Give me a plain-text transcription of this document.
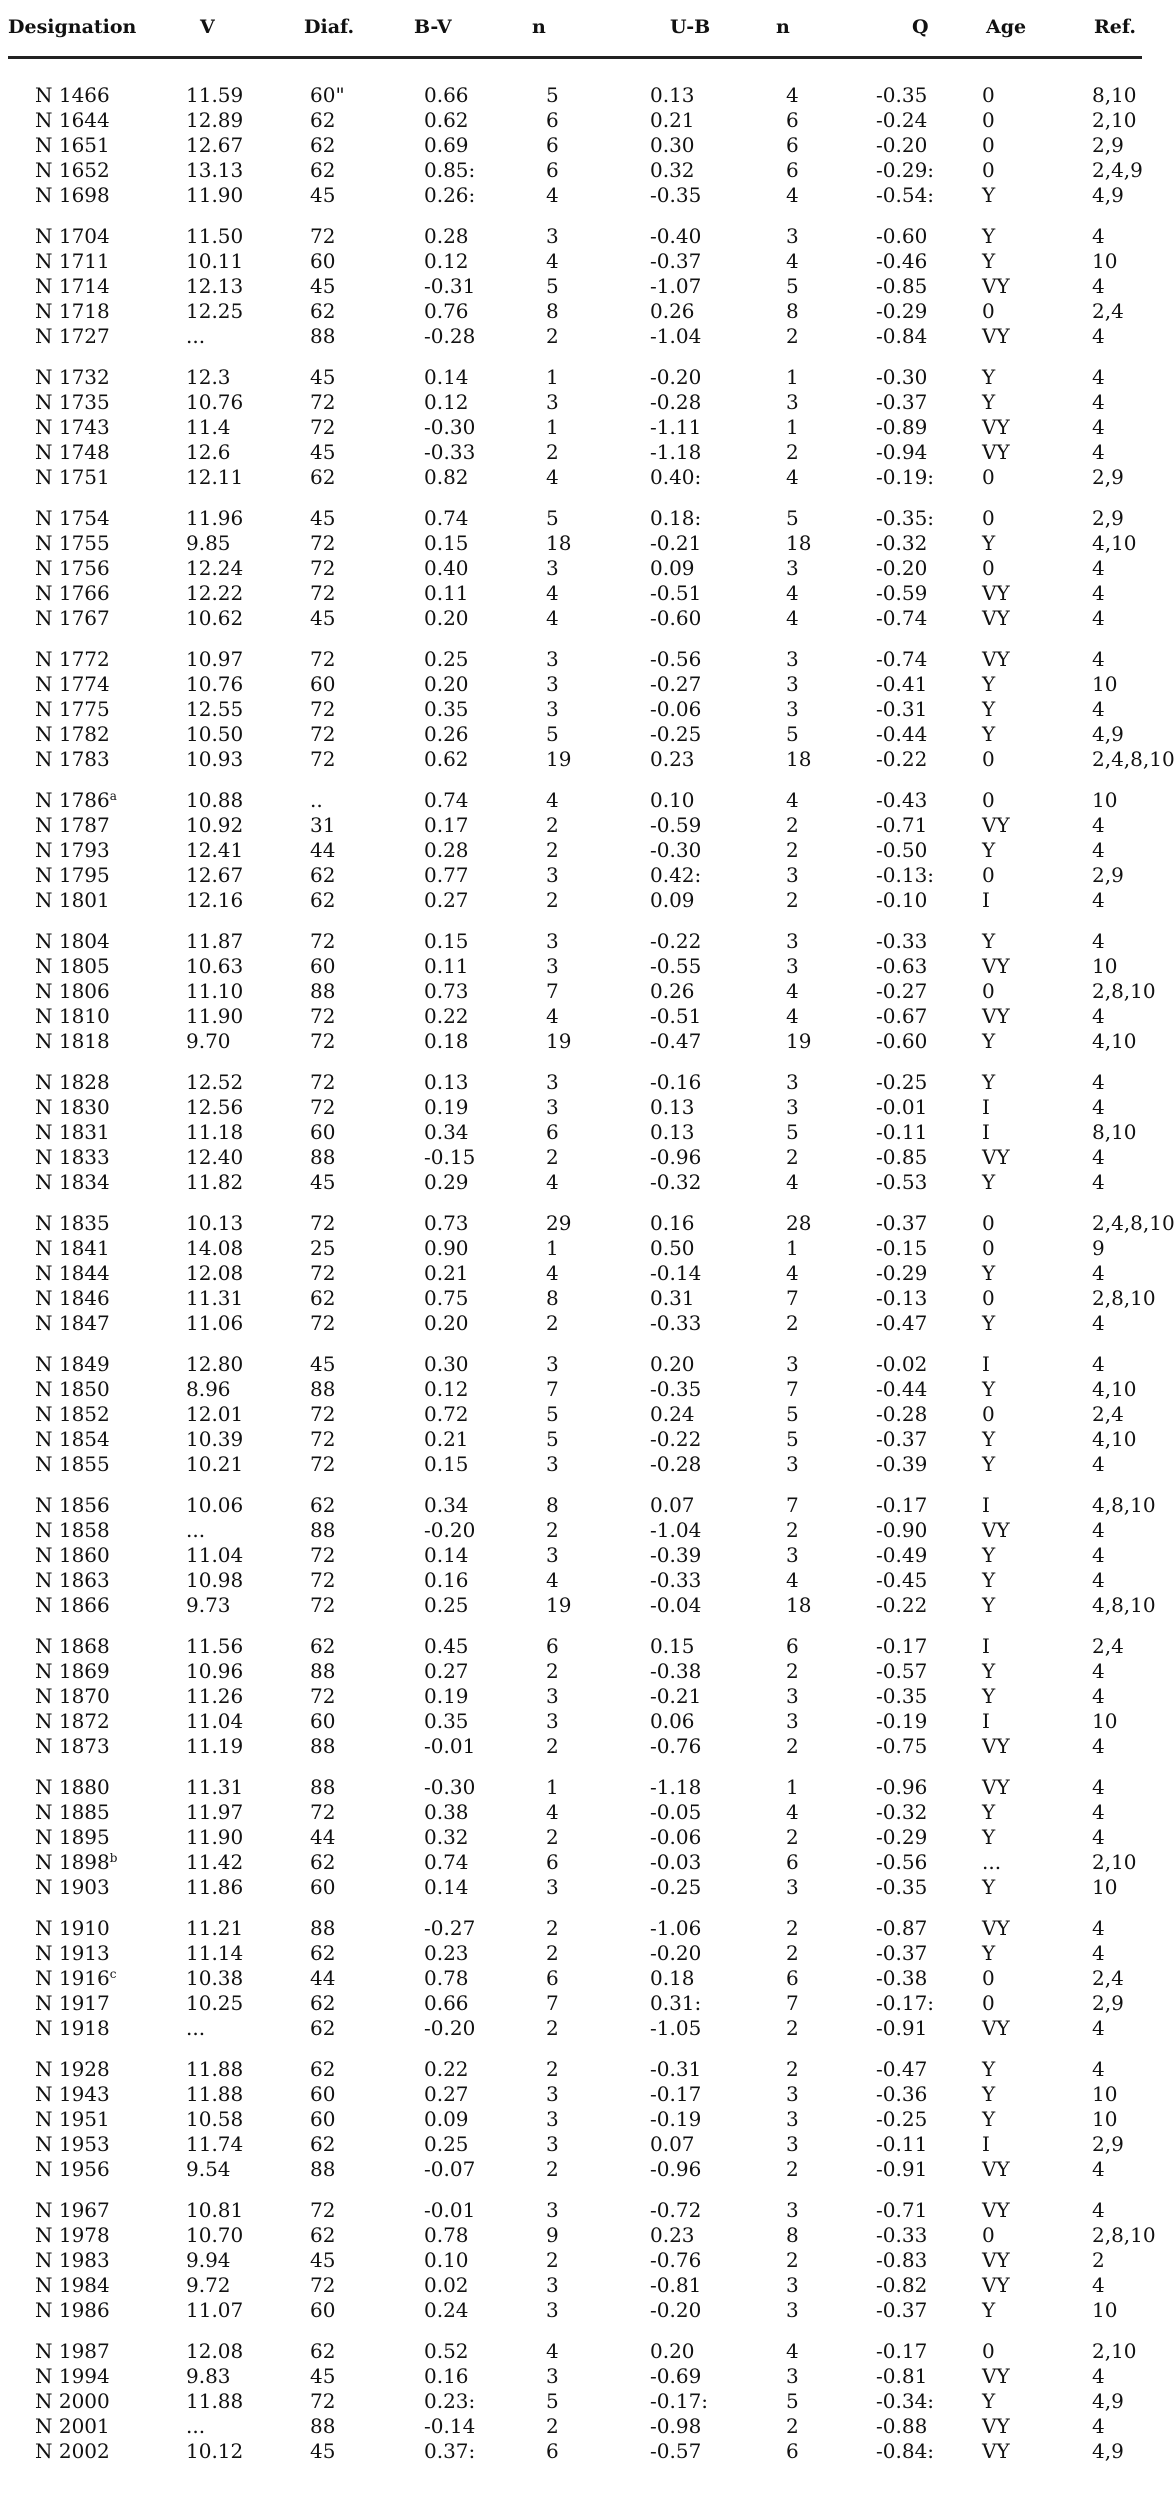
Designation	V	Diaf.	B-V	n	U-B	n	Q	Age	Ref.

N 1466	11.59	60"	0.66	5	0.13	4	-0.35	0	8,10
N 1644	12.89	62	0.62	6	0.21	6	-0.24	0	2,10
N 1651	12.67	62	0.69	6	0.30	6	-0.20	0	2,9
N 1652	13.13	62	0.85:	6	0.32	6	-0.29:	0	2,4,9
N 1698	11.90	45	0.26:	4	-0.35	4	-0.54:	Y	4,9

N 1704	11.50	72	0.28	3	-0.40	3	-0.60	Y	4
N 1711	10.11	60	0.12	4	-0.37	4	-0.46	Y	10
N 1714	12.13	45	-0.31	5	-1.07	5	-0.85	VY	4
N 1718	12.25	62	0.76	8	0.26	8	-0.29	0	2,4
N 1727	...	88	-0.28	2	-1.04	2	-0.84	VY	4

N 1732	12.3	45	0.14	1	-0.20	1	-0.30	Y	4
N 1735	10.76	72	0.12	3	-0.28	3	-0.37	Y	4
N 1743	11.4	72	-0.30	1	-1.11	1	-0.89	VY	4
N 1748	12.6	45	-0.33	2	-1.18	2	-0.94	VY	4
N 1751	12.11	62	0.82	4	0.40:	4	-0.19:	0	2,9

N 1754	11.96	45	0.74	5	0.18:	5	-0.35:	0	2,9
N 1755	9.85	72	0.15	18	-0.21	18	-0.32	Y	4,10
N 1756	12.24	72	0.40	3	0.09	3	-0.20	0	4
N 1766	12.22	72	0.11	4	-0.51	4	-0.59	VY	4
N 1767	10.62	45	0.20	4	-0.60	4	-0.74	VY	4

N 1772	10.97	72	0.25	3	-0.56	3	-0.74	VY	4
N 1774	10.76	60	0.20	3	-0.27	3	-0.41	Y	10
N 1775	12.55	72	0.35	3	-0.06	3	-0.31	Y	4
N 1782	10.50	72	0.26	5	-0.25	5	-0.44	Y	4,9
N 1783	10.93	72	0.62	19	0.23	18	-0.22	0	2,4,8,10

N 1786$^a$	10.88	..	0.74	4	0.10	4	-0.43	0	10
N 1787	10.92	31	0.17	2	-0.59	2	-0.71	VY	4
N 1793	12.41	44	0.28	2	-0.30	2	-0.50	Y	4
N 1795	12.67	62	0.77	3	0.42:	3	-0.13:	0	2,9
N 1801	12.16	62	0.27	2	0.09	2	-0.10	I	4

N 1804	11.87	72	0.15	3	-0.22	3	-0.33	Y	4
N 1805	10.63	60	0.11	3	-0.55	3	-0.63	VY	10
N 1806	11.10	88	0.73	7	0.26	4	-0.27	0	2,8,10
N 1810	11.90	72	0.22	4	-0.51	4	-0.67	VY	4
N 1818	9.70	72	0.18	19	-0.47	19	-0.60	Y	4,10

N 1828	12.52	72	0.13	3	-0.16	3	-0.25	Y	4
N 1830	12.56	72	0.19	3	0.13	3	-0.01	I	4
N 1831	11.18	60	0.34	6	0.13	5	-0.11	I	8,10
N 1833	12.40	88	-0.15	2	-0.96	2	-0.85	VY	4
N 1834	11.82	45	0.29	4	-0.32	4	-0.53	Y	4

N 1835	10.13	72	0.73	29	0.16	28	-0.37	0	2,4,8,10
N 1841	14.08	25	0.90	1	0.50	1	-0.15	0	9
N 1844	12.08	72	0.21	4	-0.14	4	-0.29	Y	4
N 1846	11.31	62	0.75	8	0.31	7	-0.13	0	2,8,10
N 1847	11.06	72	0.20	2	-0.33	2	-0.47	Y	4

N 1849	12.80	45	0.30	3	0.20	3	-0.02	I	4
N 1850	8.96	88	0.12	7	-0.35	7	-0.44	Y	4,10
N 1852	12.01	72	0.72	5	0.24	5	-0.28	0	2,4
N 1854	10.39	72	0.21	5	-0.22	5	-0.37	Y	4,10
N 1855	10.21	72	0.15	3	-0.28	3	-0.39	Y	4

N 1856	10.06	62	0.34	8	0.07	7	-0.17	I	4,8,10
N 1858	...	88	-0.20	2	-1.04	2	-0.90	VY	4
N 1860	11.04	72	0.14	3	-0.39	3	-0.49	Y	4
N 1863	10.98	72	0.16	4	-0.33	4	-0.45	Y	4
N 1866	9.73	72	0.25	19	-0.04	18	-0.22	Y	4,8,10

N 1868	11.56	62	0.45	6	0.15	6	-0.17	I	2,4
N 1869	10.96	88	0.27	2	-0.38	2	-0.57	Y	4
N 1870	11.26	72	0.19	3	-0.21	3	-0.35	Y	4
N 1872	11.04	60	0.35	3	0.06	3	-0.19	I	10
N 1873	11.19	88	-0.01	2	-0.76	2	-0.75	VY	4

N 1880	11.31	88	-0.30	1	-1.18	1	-0.96	VY	4
N 1885	11.97	72	0.38	4	-0.05	4	-0.32	Y	4
N 1895	11.90	44	0.32	2	-0.06	2	-0.29	Y	4
N 1898$^b$	11.42	62	0.74	6	-0.03	6	-0.56	...	2,10
N 1903	11.86	60	0.14	3	-0.25	3	-0.35	Y	10

N 1910	11.21	88	-0.27	2	-1.06	2	-0.87	VY	4
N 1913	11.14	62	0.23	2	-0.20	2	-0.37	Y	4
N 1916$^c$	10.38	44	0.78	6	0.18	6	-0.38	0	2,4
N 1917	10.25	62	0.66	7	0.31:	7	-0.17:	0	2,9
N 1918	...	62	-0.20	2	-1.05	2	-0.91	VY	4

N 1928	11.88	62	0.22	2	-0.31	2	-0.47	Y	4
N 1943	11.88	60	0.27	3	-0.17	3	-0.36	Y	10
N 1951	10.58	60	0.09	3	-0.19	3	-0.25	Y	10
N 1953	11.74	62	0.25	3	0.07	3	-0.11	I	2,9
N 1956	9.54	88	-0.07	2	-0.96	2	-0.91	VY	4

N 1967	10.81	72	-0.01	3	-0.72	3	-0.71	VY	4
N 1978	10.70	62	0.78	9	0.23	8	-0.33	0	2,8,10
N 1983	9.94	45	0.10	2	-0.76	2	-0.83	VY	2
N 1984	9.72	72	0.02	3	-0.81	3	-0.82	VY	4
N 1986	11.07	60	0.24	3	-0.20	3	-0.37	Y	10

N 1987	12.08	62	0.52	4	0.20	4	-0.17	0	2,10
N 1994	9.83	45	0.16	3	-0.69	3	-0.81	VY	4
N 2000	11.88	72	0.23:	5	-0.17:	5	-0.34:	Y	4,9
N 2001	...	88	-0.14	2	-0.98	2	-0.88	VY	4
N 2002	10.12	45	0.37:	6	-0.57	6	-0.84:	VY	4,9
